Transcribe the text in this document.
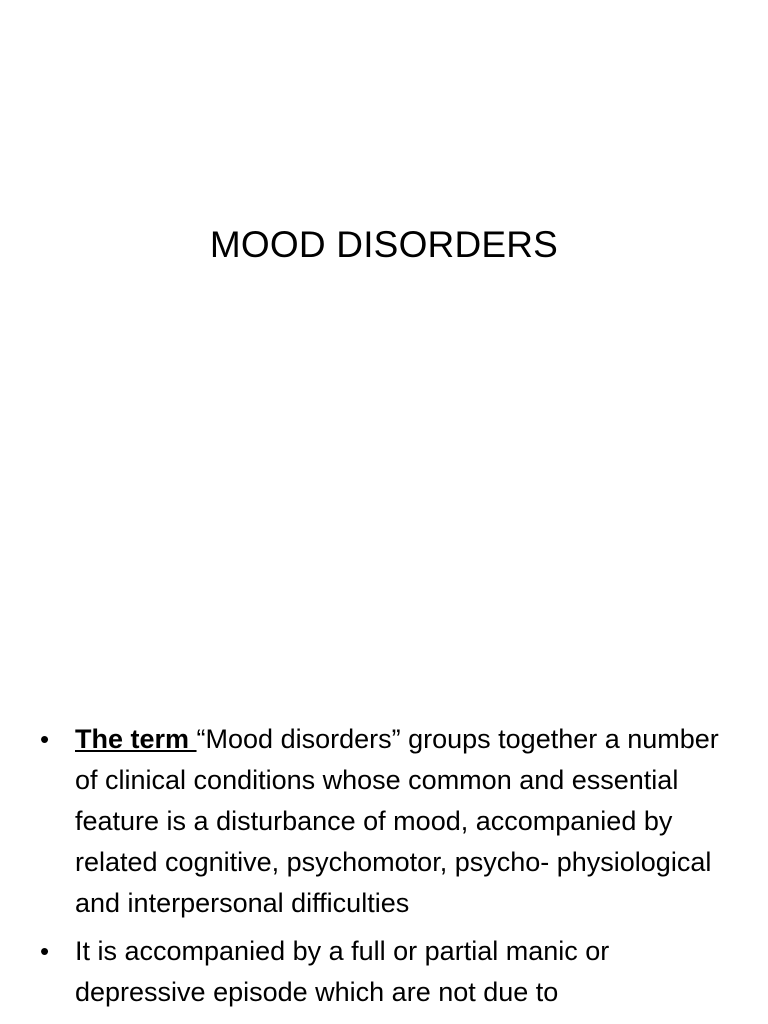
MOOD DISORDERS
• The term “Mood disorders” groups together a number of clinical conditions whose common and essential feature is a disturbance of mood, accompanied by related cognitive, psychomotor, psycho- physiological and interpersonal difficulties
• It is accompanied by a full or partial manic or depressive episode which are not due to
